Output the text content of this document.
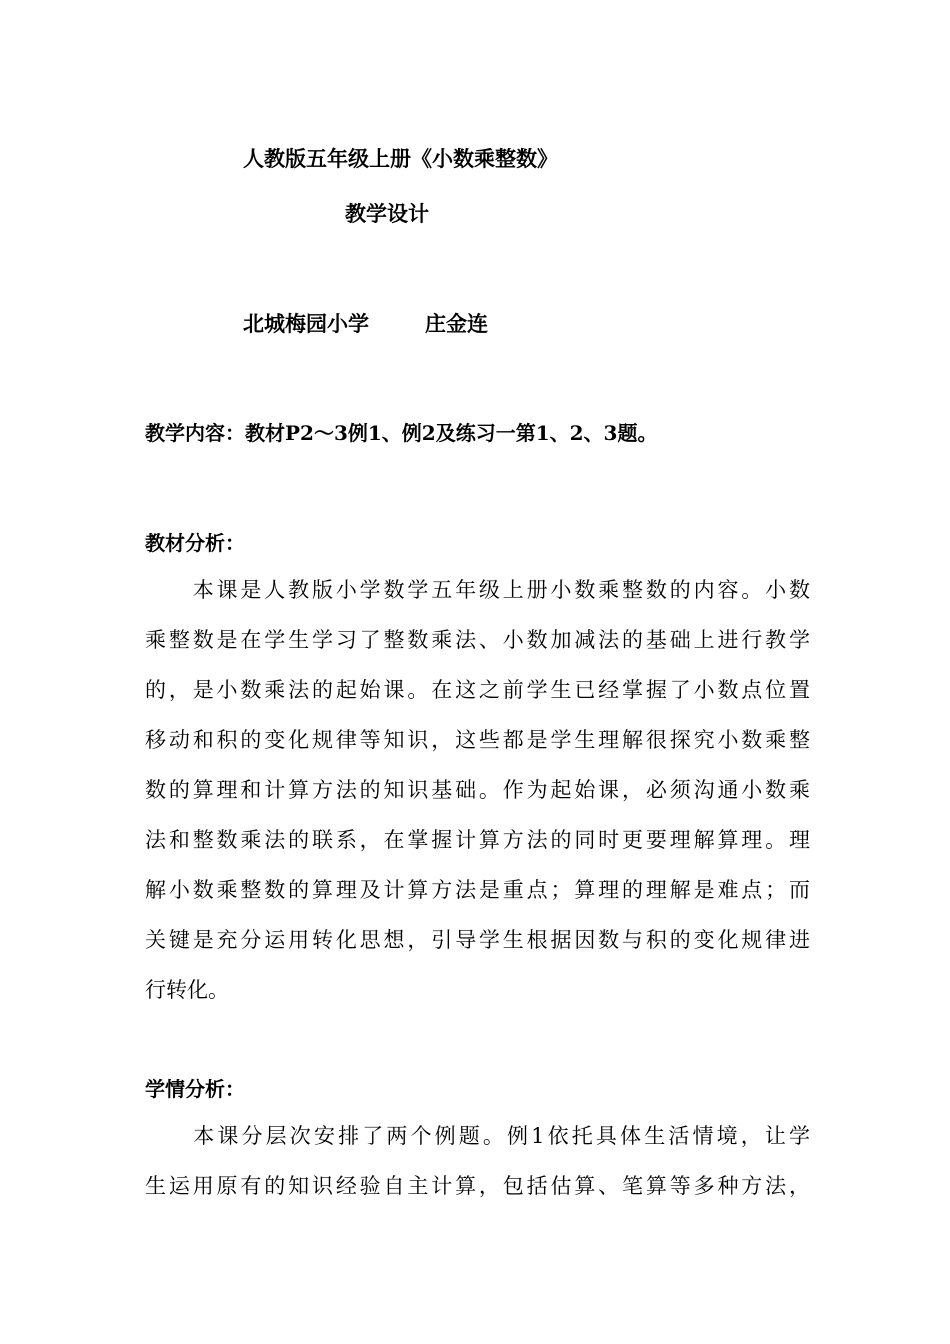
人教版五年级上册《小数乘整数》
教学设计
北城梅园小学	庄金连
教学内容：教材P2～3例1、例2及练习一第1、2、3题。
教材分析：
　　本课是人教版小学数学五年级上册小数乘整数的内容。小数
乘整数是在学生学习了整数乘法、小数加减法的基础上进行教学
的，是小数乘法的起始课。在这之前学生已经掌握了小数点位置
移动和积的变化规律等知识，这些都是学生理解很探究小数乘整
数的算理和计算方法的知识基础。作为起始课，必须沟通小数乘
法和整数乘法的联系，在掌握计算方法的同时更要理解算理。理
解小数乘整数的算理及计算方法是重点；算理的理解是难点；而
关键是充分运用转化思想，引导学生根据因数与积的变化规律进
行转化。
学情分析：
　　本课分层次安排了两个例题。例1依托具体生活情境，让学
生运用原有的知识经验自主计算，包括估算、笔算等多种方法，
